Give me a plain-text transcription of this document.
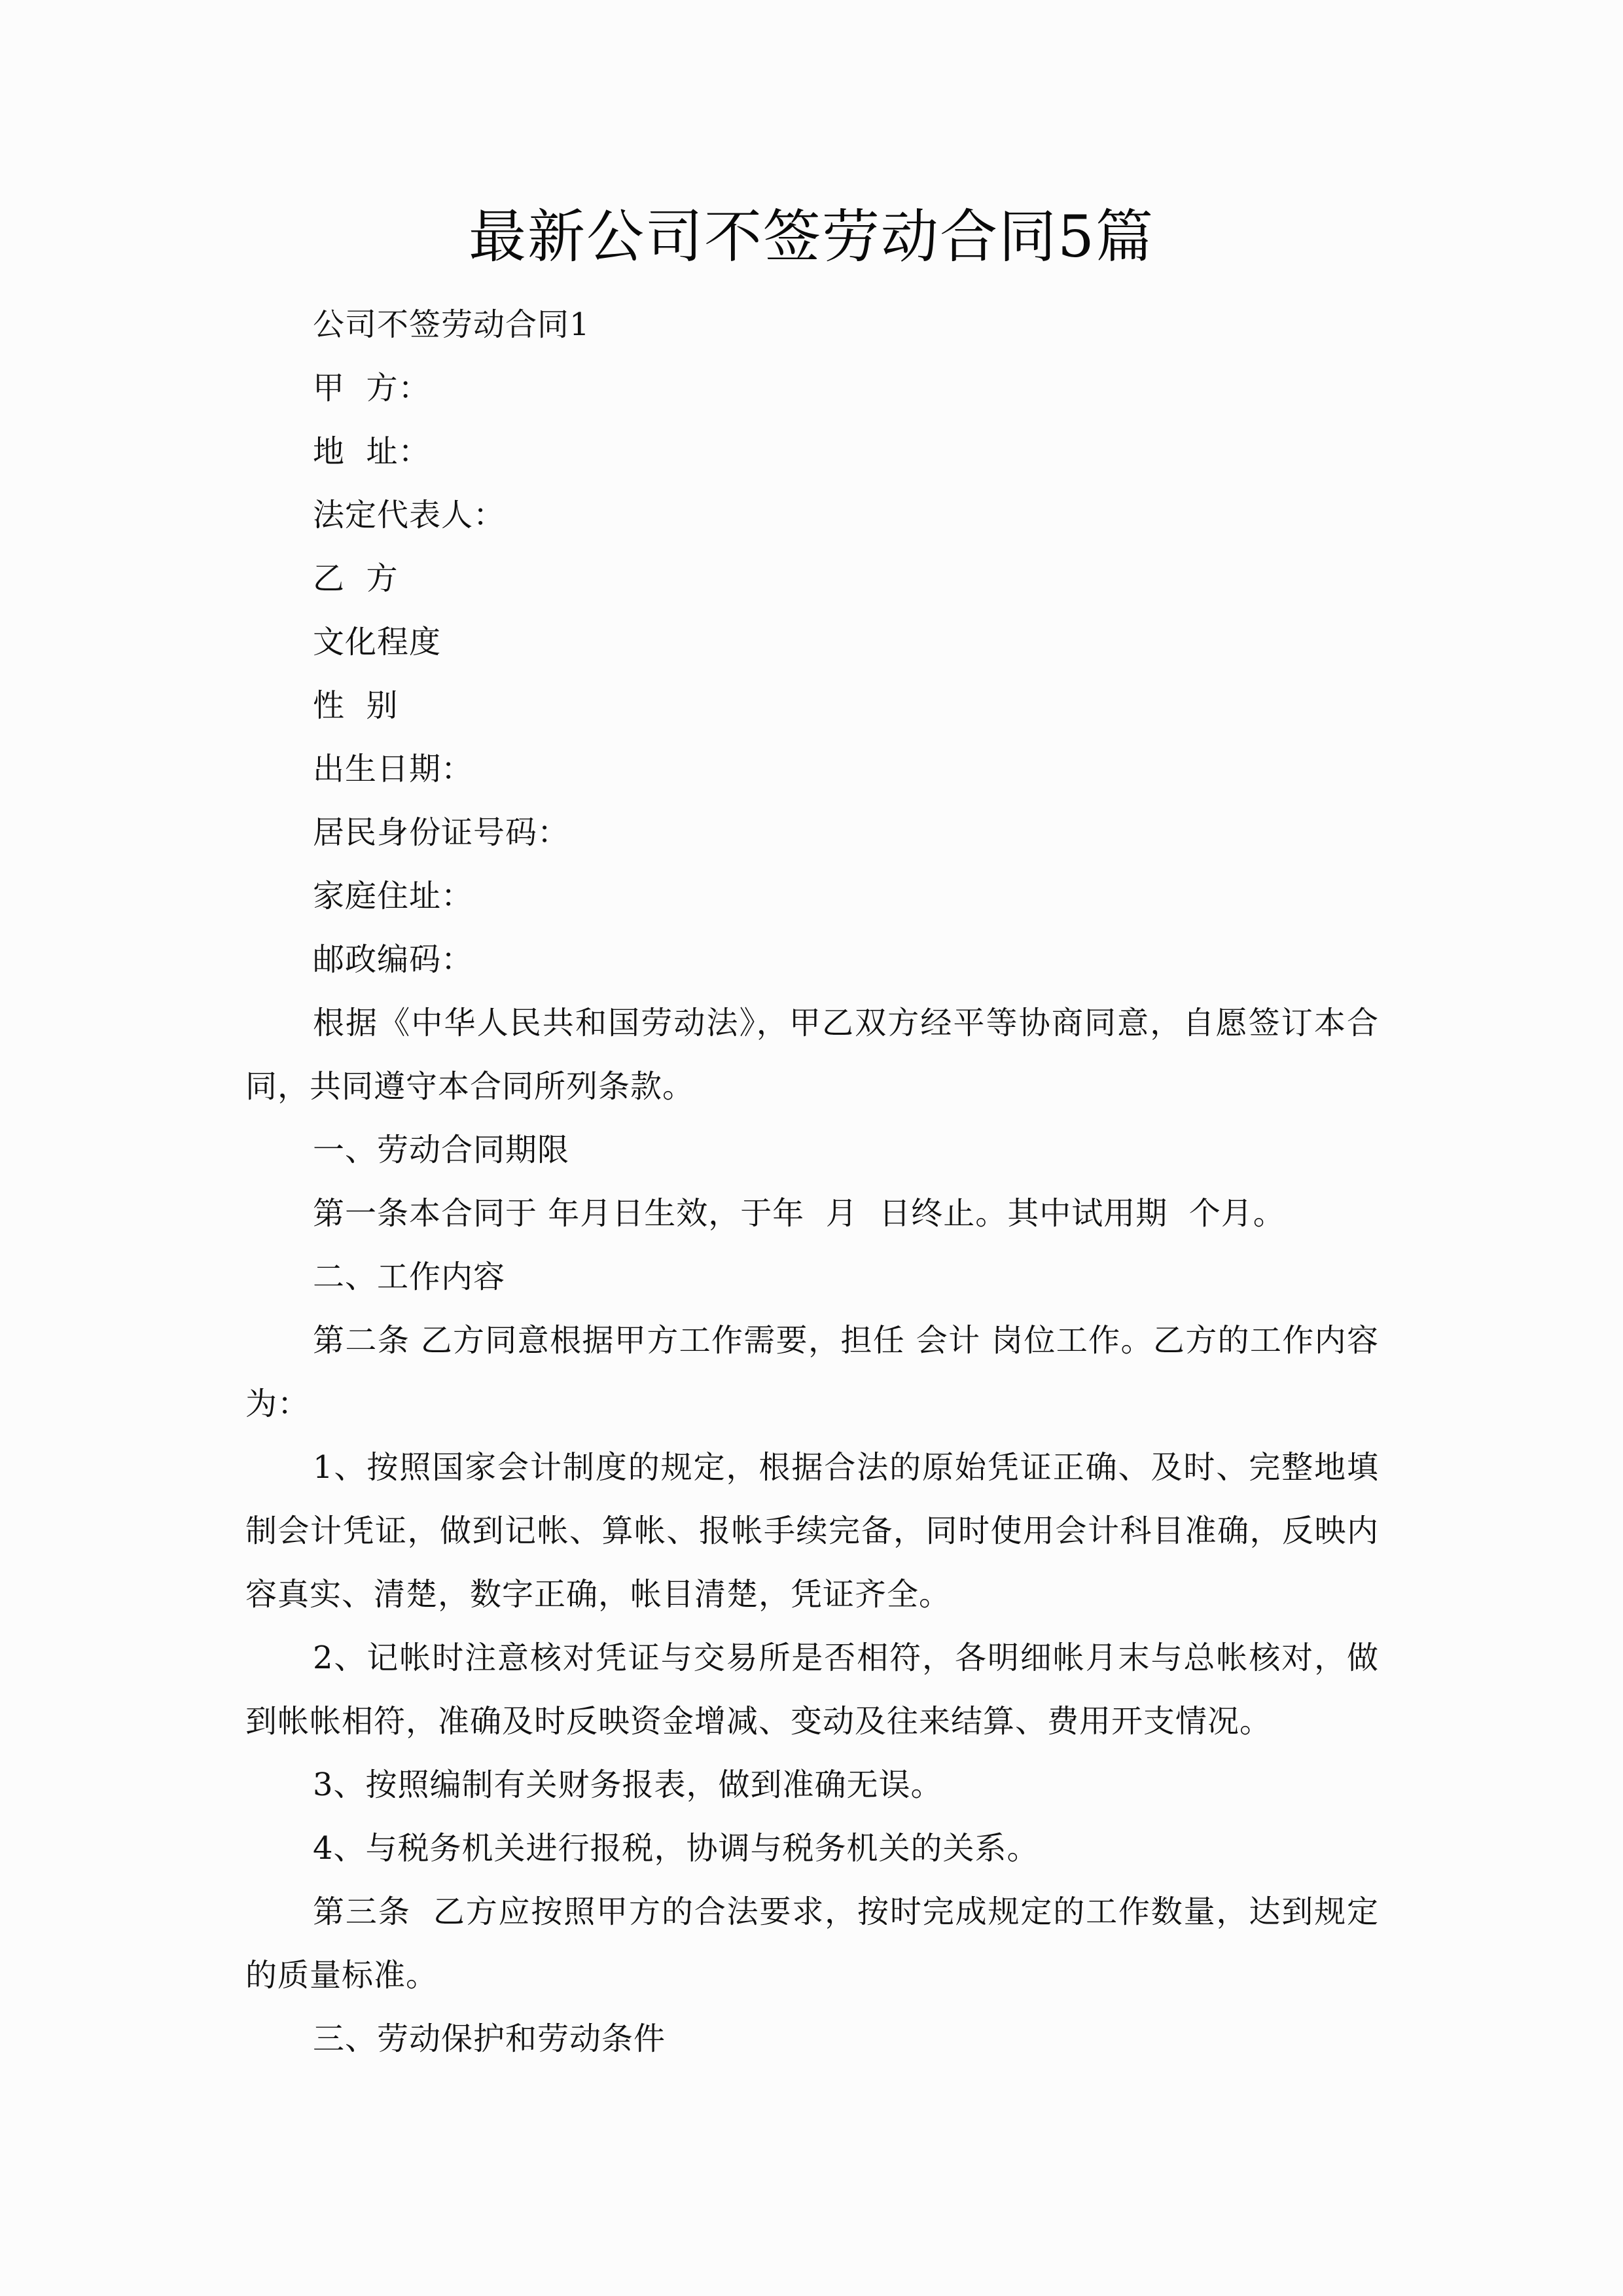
最新公司不签劳动合同5篇

公司不签劳动合同1

甲  方：

地  址：

法定代表人：

乙  方

文化程度

性  别

出生日期：

居民身份证号码：

家庭住址：

邮政编码：

根据《中华人民共和国劳动法》，甲乙双方经平等协商同意，自愿签订本合同，共同遵守本合同所列条款。

一、劳动合同期限

第一条本合同于 年月日生效，于年  月  日终止。其中试用期  个月。

二、工作内容

第二条 乙方同意根据甲方工作需要，担任 会计 岗位工作。乙方的工作内容为：

1、按照国家会计制度的规定，根据合法的原始凭证正确、及时、完整地填制会计凭证，做到记帐、算帐、报帐手续完备，同时使用会计科目准确，反映内容真实、清楚，数字正确，帐目清楚，凭证齐全。

2、记帐时注意核对凭证与交易所是否相符，各明细帐月末与总帐核对，做到帐帐相符，准确及时反映资金增减、变动及往来结算、费用开支情况。

3、按照编制有关财务报表，做到准确无误。

4、与税务机关进行报税，协调与税务机关的关系。

第三条  乙方应按照甲方的合法要求，按时完成规定的工作数量，达到规定的质量标准。

三、劳动保护和劳动条件
